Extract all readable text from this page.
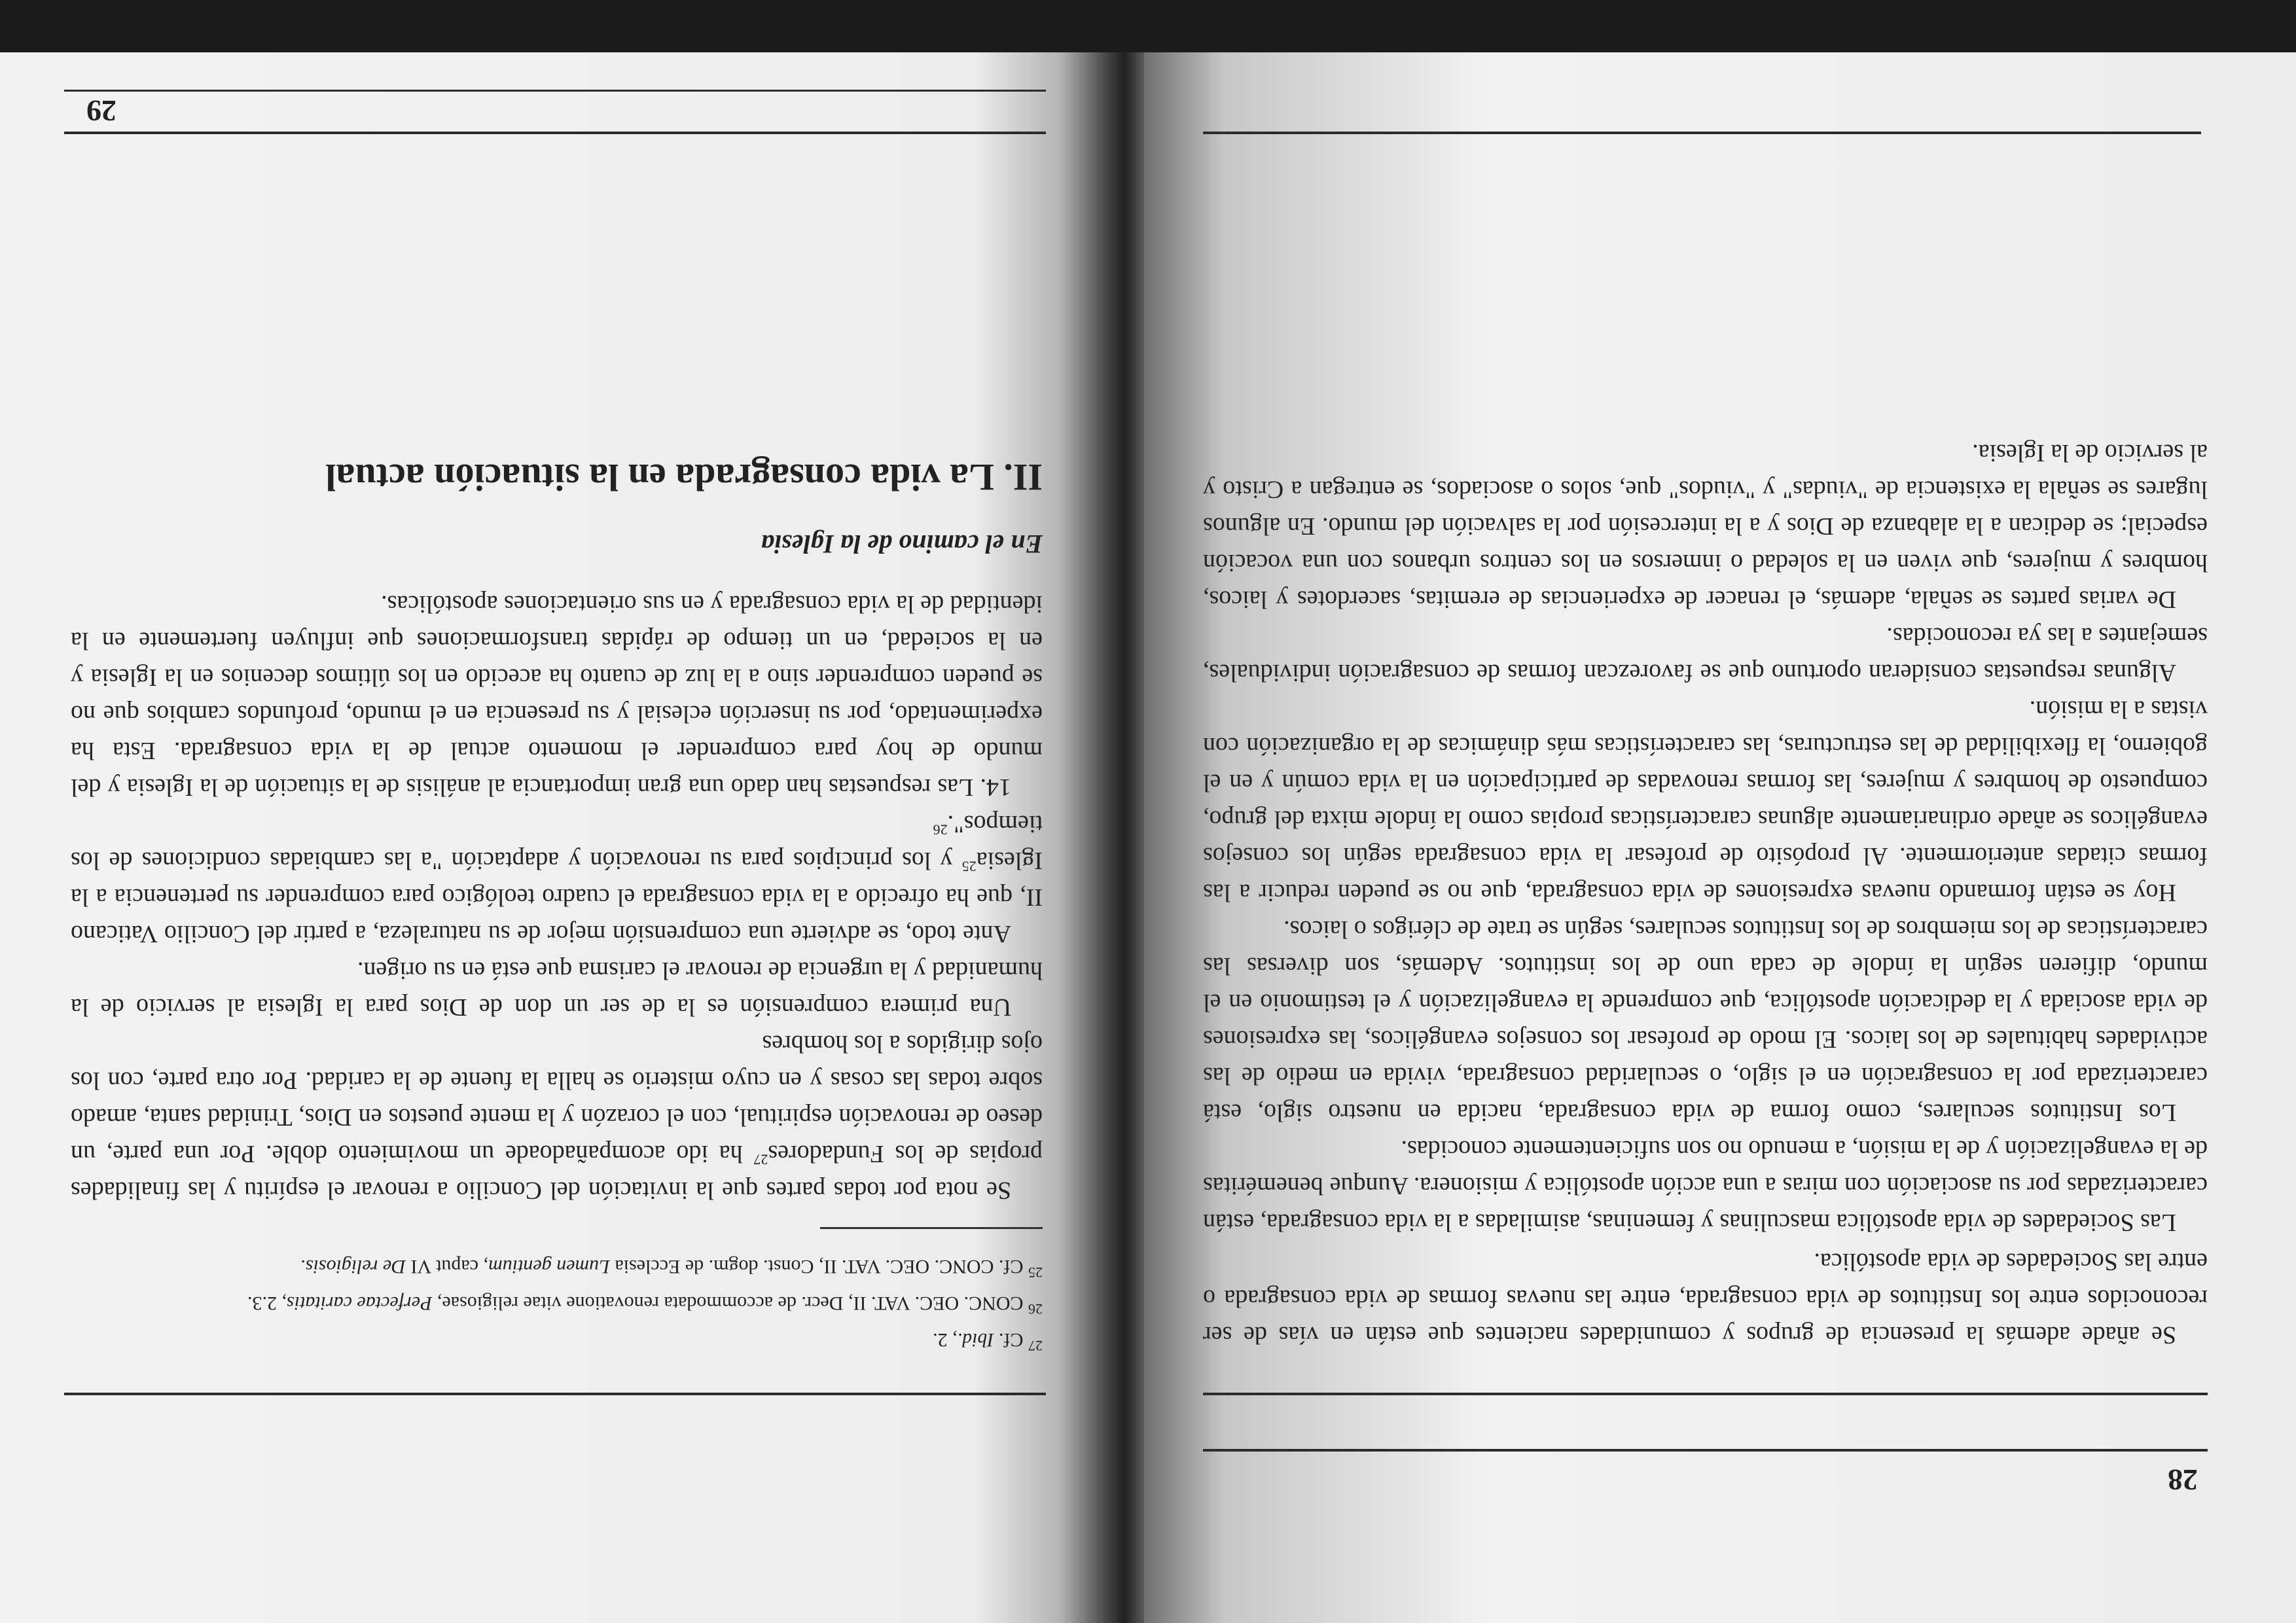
28

Se añade además la presencia de grupos y comunidades nacientes que están en vías de ser reconocidos entre los Institutos de vida consagrada, entre las nuevas formas de vida consagrada o entre las Sociedades de vida apostólica.

Las Sociedades de vida apostólica masculinas y femeninas, asimiladas a la vida consagrada, están caracterizadas por su asociación con miras a una acción apostólica y misionera. Aunque beneméritas de la evangelización y de la misión, a menudo no son suficientemente conocidas.

Los Institutos seculares, como forma de vida consagrada, nacida en nuestro siglo, está caracterizada por la consagración en el siglo, o secularidad consagrada, vivida en medio de las actividades habituales de los laicos. El modo de profesar los consejos evangélicos, las expresiones de vida asociada y la dedicación apostólica, que comprende la evangelización y el testimonio en el mundo, difieren según la índole de cada uno de los institutos. Además, son diversas las características de los miembros de los Institutos seculares, según se trate de clérigos o laicos.

Hoy se están formando nuevas expresiones de vida consagrada, que no se pueden reducir a las formas citadas anteriormente. Al propósito de profesar la vida consagrada según los consejos evangélicos se añade ordinariamente algunas características propias como la índole mixta del grupo, compuesto de hombres y mujeres, las formas renovadas de participación en la vida común y en el gobierno, la flexibilidad de las estructuras, las características más dinámicas de la organización con vistas a la misión.

Algunas respuestas consideran oportuno que se favorezcan formas de consagración individuales, semejantes a las ya reconocidas.

De varias partes se señala, además, el renacer de experiencias de eremitas, sacerdotes y laicos, hombres y mujeres, que viven en la soledad o inmersos en los centros urbanos con una vocación especial; se dedican a la alabanza de Dios y a la intercesión por la salvación del mundo. En algunos lugares se señala la existencia de "viudas" y "viudos" que, solos o asociados, se entregan a Cristo y al servicio de la Iglesia.

$^{27}$ Cf. Ibid., 2.

$^{26}$ CONC. OEC. VAT. II, Decr. de accommodata renovatione vitae religiosae, Perfectae caritatis, 2.3.

$^{25}$ Cf. CONC. OEC. VAT. II, Const. dogm. de Ecclesia Lumen gentium, caput VI De religiosis.

Se nota por todas partes que la invitación del Concilio a renovar el espíritu y las finalidades propias de los Fundadores$^{27}$ ha ido acompañadoade un movimiento doble. Por una parte, un deseo de renovación espiritual, con el corazón y la mente puestos en Dios, Trinidad santa, amado sobre todas las cosas y en cuyo misterio se halla la fuente de la caridad. Por otra parte, con los ojos dirigidos a los hombres

Una primera comprensión es la de ser un don de Dios para la Iglesia al servicio de la humanidad y la urgencia de renovar el carisma que está en su origen.

Ante todo, se advierte una comprensión mejor de su naturaleza, a partir del Concilio Vaticano II, que ha ofrecido a la vida consagrada el cuadro teológico para comprender su pertenencia a la Iglesia$^{25}$ y los principios para su renovación y adaptación "a las cambiadas condiciones de los tiempos".$^{26}$

14. Las respuestas han dado una gran importancia al análisis de la situación de la Iglesia y del mundo de hoy para comprender el momento actual de la vida consagrada. Esta ha experimentado, por su inserción eclesial y su presencia en el mundo, profundos cambios que no se pueden comprender sino a la luz de cuanto ha acecido en los últimos decenios en la Iglesia y en la sociedad, en un tiempo de rápidas transformaciones que influyen fuertemente en la identidad de la vida consagrada y en sus orientaciones apostólicas.

En el camino de la Iglesia
II. La vida consagrada en la situación actual
29
